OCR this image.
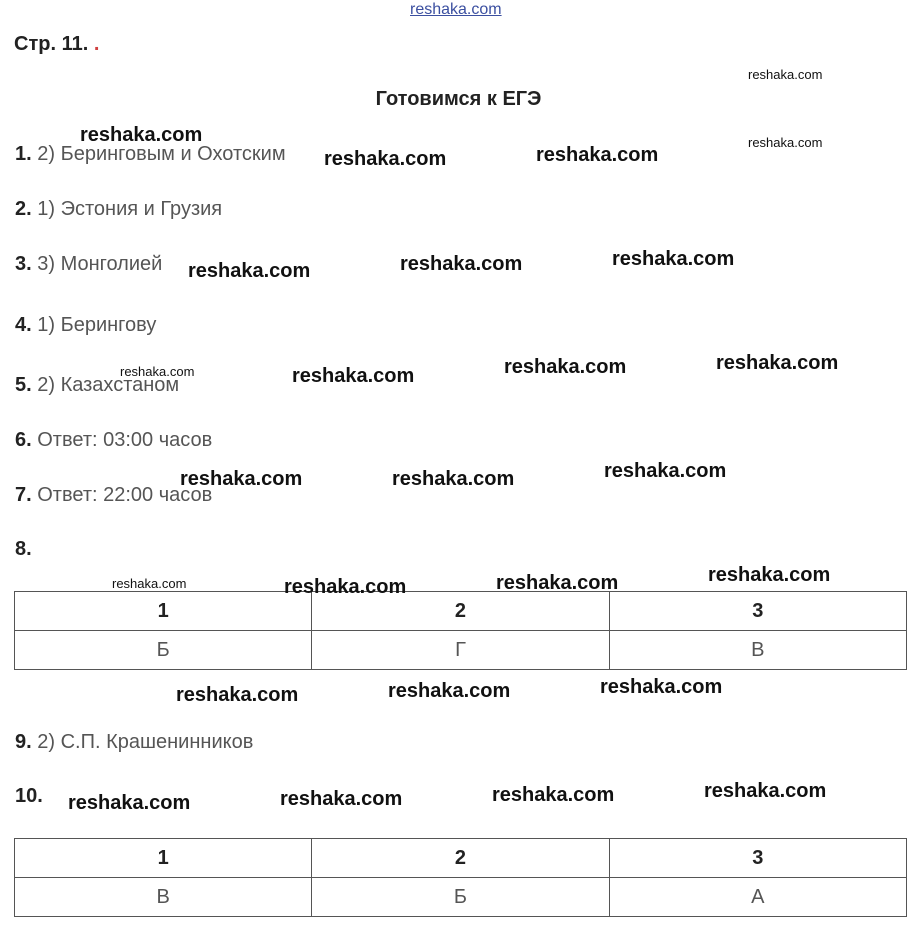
reshaka.com
Стр. 11. .
Готовимся к ЕГЭ
1. 2) Беринговым и Охотским
2. 1) Эстония и Грузия
3. 3) Монголией
4. 1) Берингову
5. 2) Казахстаном
6. Ответ: 03:00 часов
7. Ответ: 22:00 часов
8.
1	2	3
Б	Г	В
9. 2) С.П. Крашенинников
10.
1	2	3
В	Б	А
reshaka.com
reshaka.com
reshaka.com
reshaka.com	reshaka.com
reshaka.com	reshaka.com	reshaka.com
reshaka.com	reshaka.com	reshaka.com	reshaka.com
reshaka.com	reshaka.com	reshaka.com
reshaka.com	reshaka.com	reshaka.com	reshaka.com
reshaka.com	reshaka.com	reshaka.com
reshaka.com	reshaka.com	reshaka.com	reshaka.com
